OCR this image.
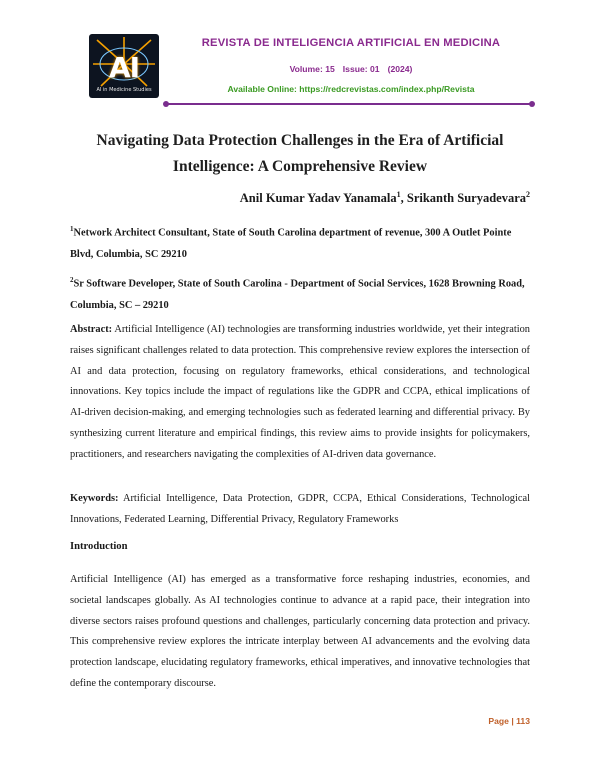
AI
AI in Medicine Studies
REVISTA DE INTELIGENCIA ARTIFICIAL EN MEDICINA
Volume: 15 Issue: 01 (2024)
Available Online: https://redcrevistas.com/index.php/Revista
Navigating Data Protection Challenges in the Era of Artificial Intelligence: A Comprehensive Review
Anil Kumar Yadav Yanamala$^1$, Srikanth Suryadevara$^2$
$^1$Network Architect Consultant, State of South Carolina department of revenue, 300 A Outlet Pointe Blvd, Columbia, SC 29210
$^2$Sr Software Developer, State of South Carolina - Department of Social Services, 1628 Browning Road, Columbia, SC – 29210
Abstract: Artificial Intelligence (AI) technologies are transforming industries worldwide, yet their integration raises significant challenges related to data protection. This comprehensive review explores the intersection of AI and data protection, focusing on regulatory frameworks, ethical considerations, and technological innovations. Key topics include the impact of regulations like the GDPR and CCPA, ethical implications of AI-driven decision-making, and emerging technologies such as federated learning and differential privacy. By synthesizing current literature and empirical findings, this review aims to provide insights for policymakers, practitioners, and researchers navigating the complexities of AI-driven data governance.
Keywords: Artificial Intelligence, Data Protection, GDPR, CCPA, Ethical Considerations, Technological Innovations, Federated Learning, Differential Privacy, Regulatory Frameworks
Introduction
Artificial Intelligence (AI) has emerged as a transformative force reshaping industries, economies, and societal landscapes globally. As AI technologies continue to advance at a rapid pace, their integration into diverse sectors raises profound questions and challenges, particularly concerning data protection and privacy. This comprehensive review explores the intricate interplay between AI advancements and the evolving data protection landscape, elucidating regulatory frameworks, ethical imperatives, and innovative technologies that define the contemporary discourse.
Page | 113
